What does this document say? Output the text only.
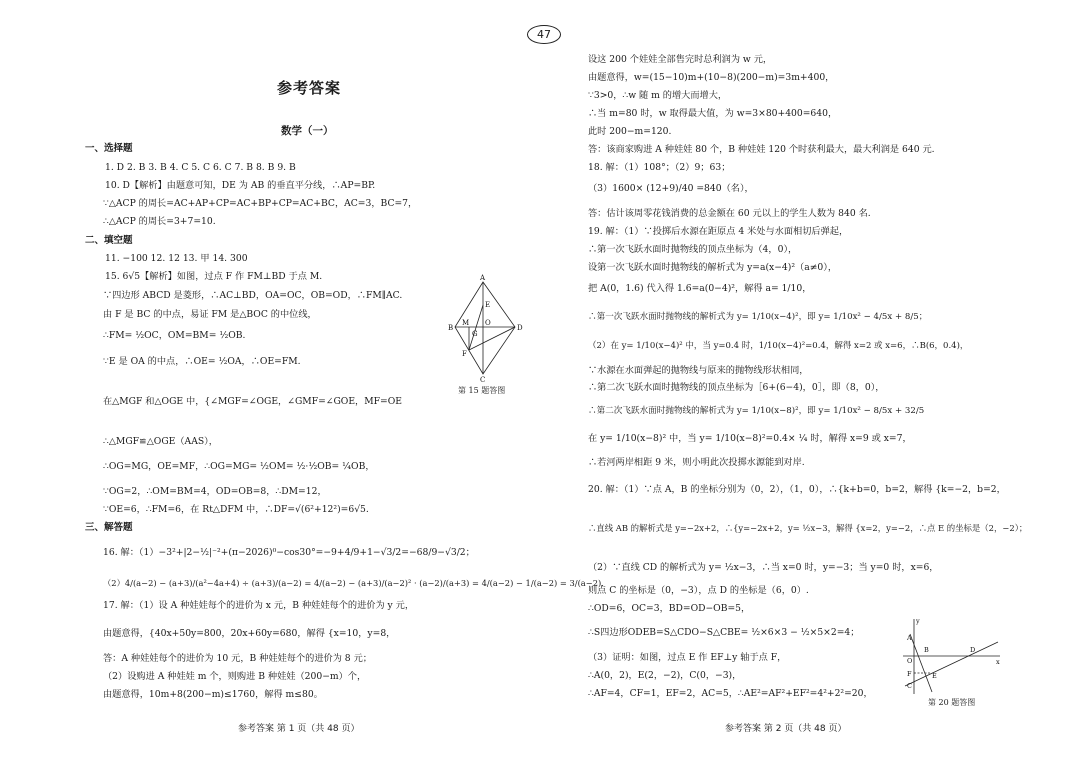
47
参考答案
数学（一）
一、选择题
1. D 2. B 3. B 4. C 5. C 6. C 7. B 8. B 9. B
10. D【解析】由题意可知，DE 为 AB 的垂直平分线，∴AP=BP.
∵△ACP 的周长=AC+AP+CP=AC+BP+CP=AC+BC，AC=3，BC=7，
∴△ACP 的周长=3+7=10.
二、填空题
11. −100 12. 12 13. 甲 14. 300
15. 6√5【解析】如图，过点 F 作 FM⊥BD 于点 M.
∵四边形 ABCD 是菱形，∴AC⊥BD，OA=OC，OB=OD，∴FM∥AC.
由 F 是 BC 的中点，易证 FM 是△BOC 的中位线，
∴FM= ½OC，OM=BM= ½OB.
∵E 是 OA 的中点，∴OE= ½OA，∴OE=FM.
在△MGF 和△OGE 中，{∠MGF=∠OGE，∠GMF=∠GOE，MF=OE
∴△MGF≌△OGE（AAS），
∴OG=MG，OE=MF，∴OG=MG= ½OM= ½·½OB= ¼OB，
∵OG=2，∴OM=BM=4，OD=OB=8，∴DM=12，
∵OE=6，∴FM=6，在 Rt△DFM 中，∴DF=√(6²+12²)=6√5.
三、解答题
16. 解：（1）−3²+|2−½|⁻²+(π−2026)⁰−cos30°=−9+4/9+1−√3/2=−68/9−√3/2；
（2）4/(a−2) − (a+3)/(a²−4a+4) ÷ (a+3)/(a−2) = 4/(a−2) − (a+3)/(a−2)² · (a−2)/(a+3) = 4/(a−2) − 1/(a−2) = 3/(a−2).
17. 解：（1）设 A 种娃娃每个的进价为 x 元，B 种娃娃每个的进价为 y 元，
由题意得，{40x+50y=800，20x+60y=680，解得 {x=10，y=8，
答：A 种娃娃每个的进价为 10 元，B 种娃娃每个的进价为 8 元；
（2）设购进 A 种娃娃 m 个，则购进 B 种娃娃（200−m）个，
由题意得，10m+8(200−m)≤1760，解得 m≤80。
A
B
C
D
E
F
G
M O
第 15 题答图
参考答案 第 1 页（共 48 页）
设这 200 个娃娃全部售完时总利润为 w 元，
由题意得，w=(15−10)m+(10−8)(200−m)=3m+400，
∵3>0，∴w 随 m 的增大而增大，
∴当 m=80 时，w 取得最大值，为 w=3×80+400=640，
此时 200−m=120.
答：该商家购进 A 种娃娃 80 个，B 种娃娃 120 个时获利最大，最大利润是 640 元.
18. 解：（1）108°；（2）9；63；
（3）1600× (12+9)/40 =840（名），
答：估计该周零花钱消费的总金额在 60 元以上的学生人数为 840 名.
19. 解：（1）∵投掷后水源在距原点 4 米处与水面相切后弹起，
∴第一次飞跃水面时抛物线的顶点坐标为（4，0），
设第一次飞跃水面时抛物线的解析式为 y=a(x−4)²（a≠0），
把 A(0，1.6) 代入得 1.6=a(0−4)²，解得 a= 1/10，
∴第一次飞跃水面时抛物线的解析式为 y= 1/10(x−4)²，即 y= 1/10x² − 4/5x + 8/5；
（2）在 y= 1/10(x−4)² 中，当 y=0.4 时，1/10(x−4)²=0.4，解得 x=2 或 x=6，∴B(6，0.4)，
∵水源在水面弹起的抛物线与原来的抛物线形状相同，
∴第二次飞跃水面时抛物线的顶点坐标为［6+(6−4)，0］，即（8，0），
∴第二次飞跃水面时抛物线的解析式为 y= 1/10(x−8)²，即 y= 1/10x² − 8/5x + 32/5
在 y= 1/10(x−8)² 中，当 y= 1/10(x−8)²=0.4× ¼ 时，解得 x=9 或 x=7，
∴若河两岸相距 9 米，则小明此次投掷水源能到对岸.
20. 解：（1）∵点 A，B 的坐标分别为（0，2），（1，0），∴{k+b=0，b=2，解得 {k=−2，b=2，
∴直线 AB 的解析式是 y=−2x+2，∴{y=−2x+2，y= ½x−3，解得 {x=2，y=−2，∴点 E 的坐标是（2，−2）；
（2）∵直线 CD 的解析式为 y= ½x−3，∴当 x=0 时，y=−3；当 y=0 时，x=6，
则点 C 的坐标是（0，−3），点 D 的坐标是（6，0）.
∴OD=6，OC=3，BD=OD−OB=5，
∴S四边形ODEB=S△CDO−S△CBE= ½×6×3 − ½×5×2=4；
（3）证明：如图，过点 E 作 EF⊥y 轴于点 F，
∴A(0，2)，E(2，−2)，C(0，−3)，
∴AF=4，CF=1，EF=2，AC=5，∴AE²=AF²+EF²=4²+2²=20，
y
x
A
B	D
O
F	E
C
第 20 题答图
参考答案 第 2 页（共 48 页）
